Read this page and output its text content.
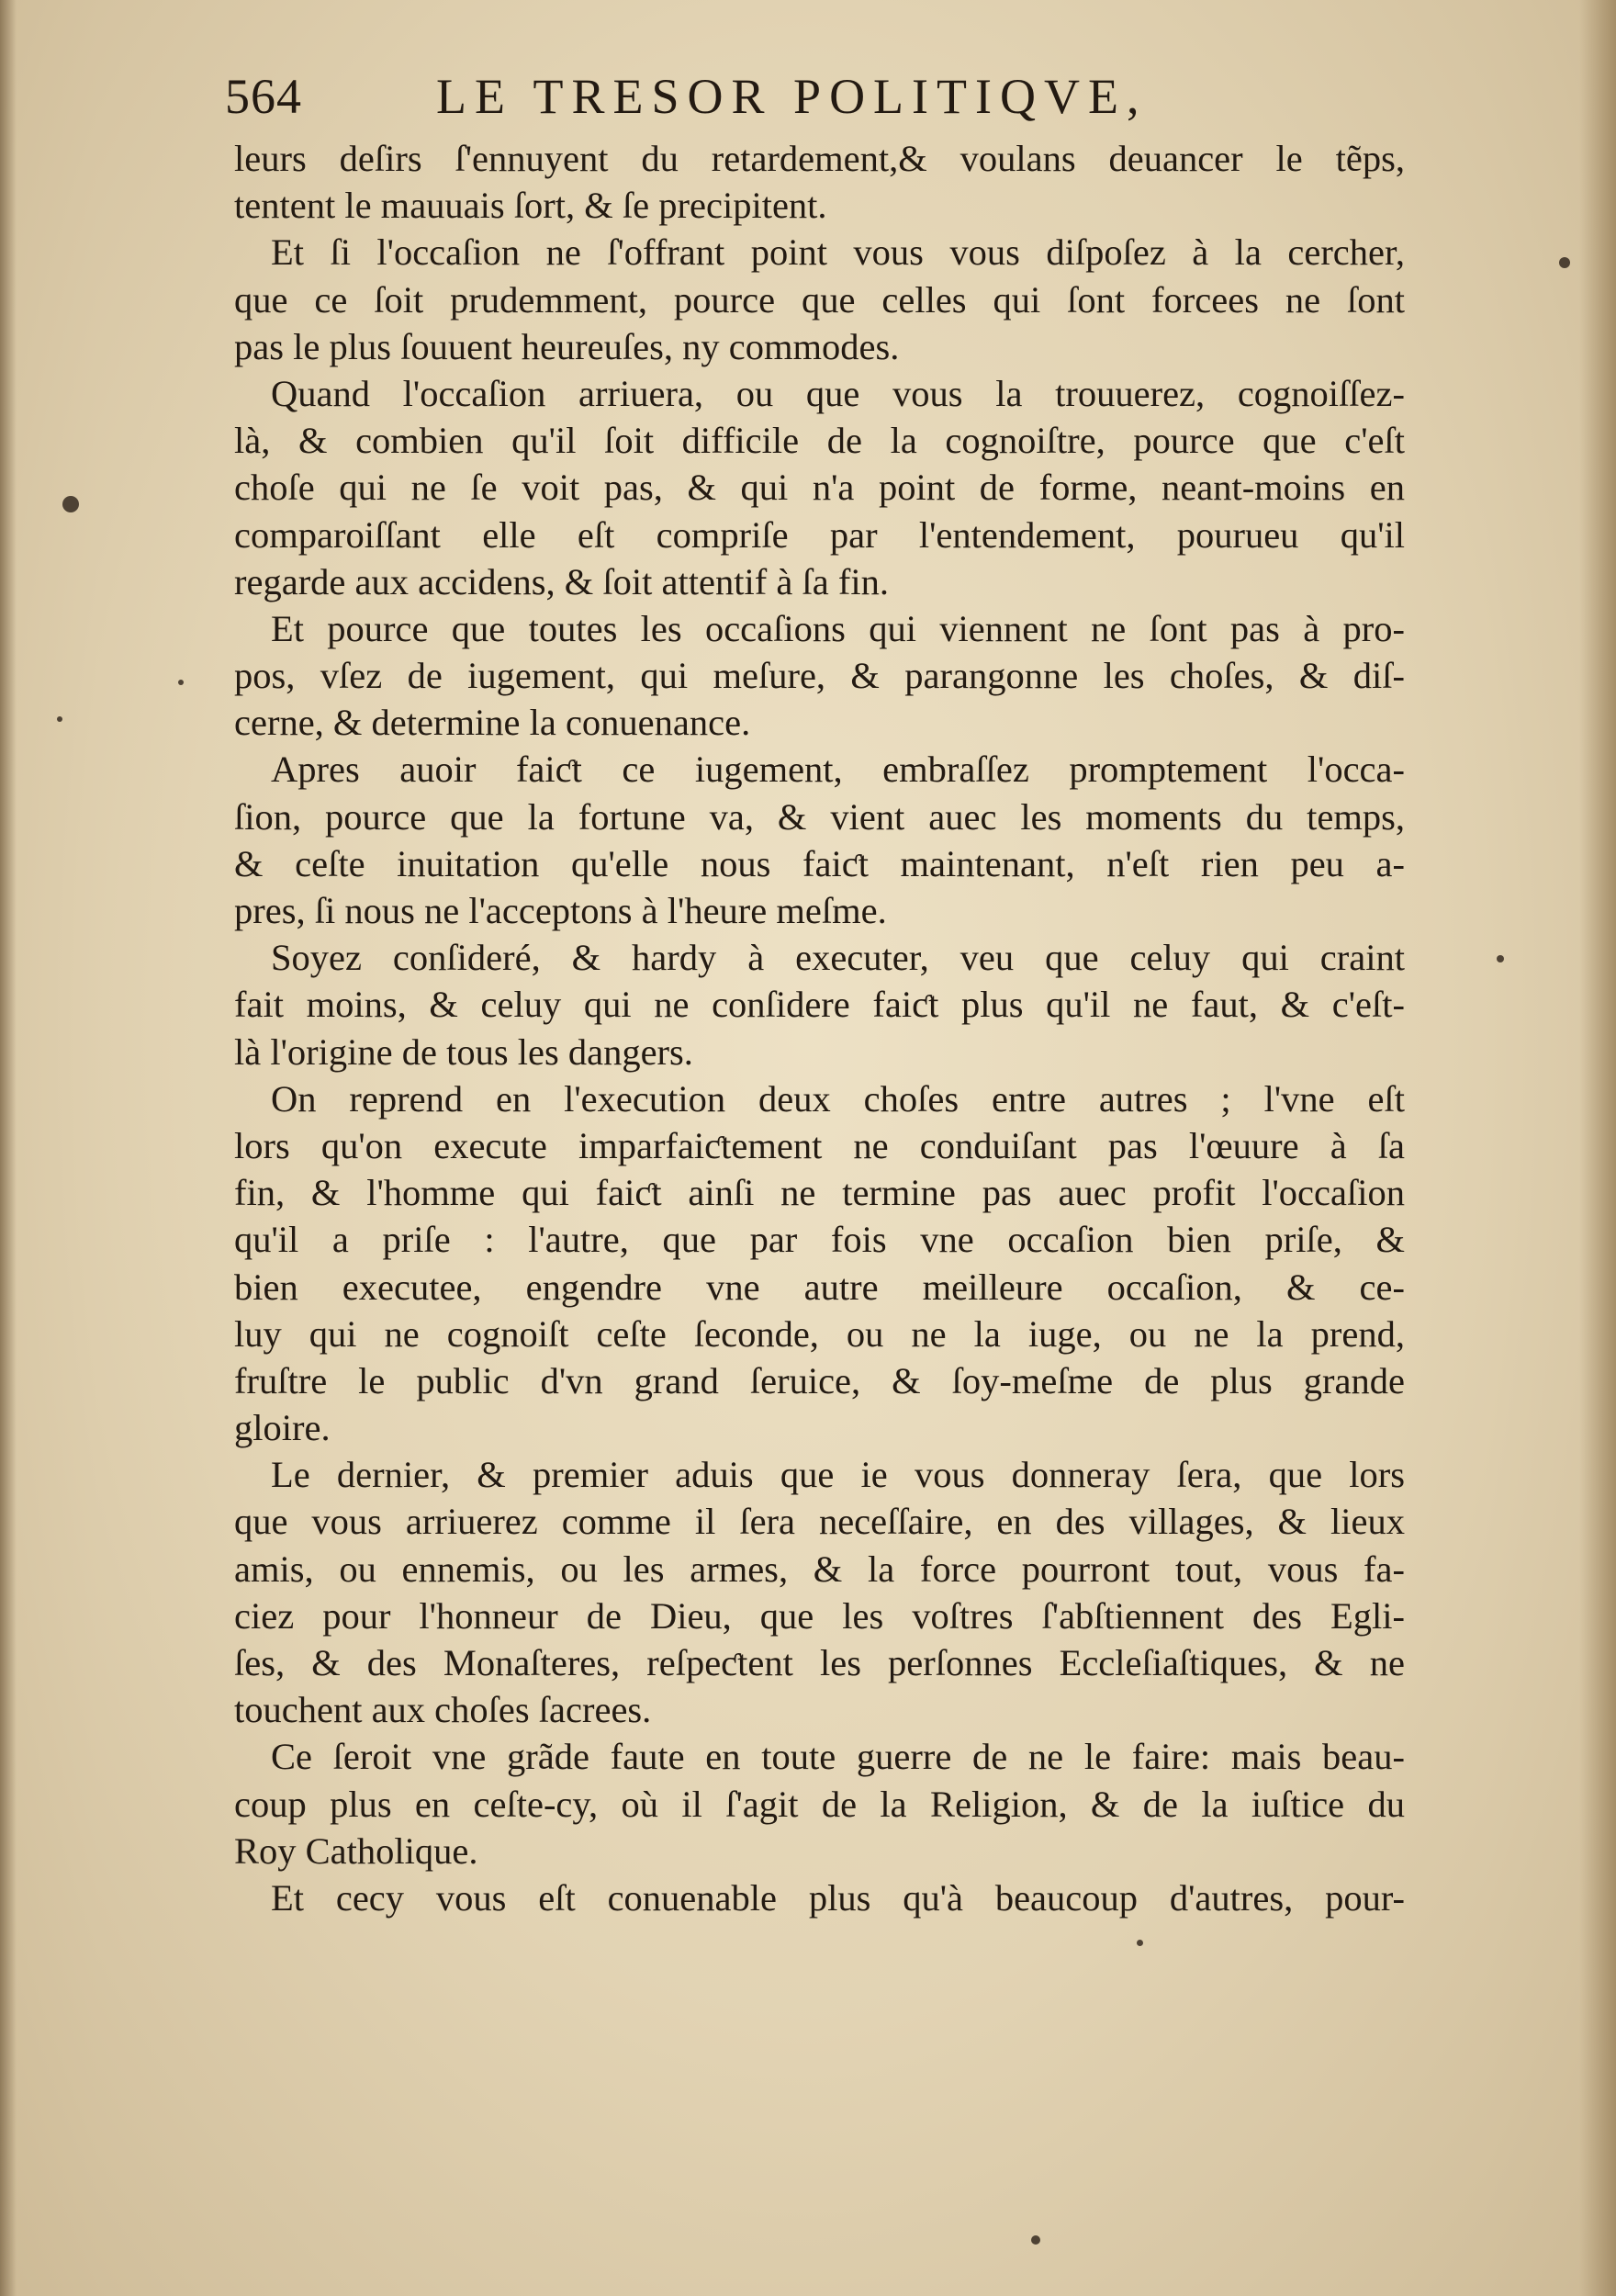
564	LE TRESOR POLITIQVE,
leurs deſirs ſ'ennuyent du retardement,& voulans deuancer le tẽps,
tentent le mauuais ſort, & ſe precipitent.
Et ſi l'occaſion ne ſ'offrant point vous vous diſpoſez à la cercher,
que ce ſoit prudemment, pource que celles qui ſont forcees ne ſont
pas le plus ſouuent heureuſes, ny commodes.
Quand l'occaſion arriuera, ou que vous la trouuerez, cognoiſſez-
là, & combien qu'il ſoit difficile de la cognoiſtre, pource que c'eſt
choſe qui ne ſe voit pas, & qui n'a point de forme, neant-moins en
comparoiſſant elle eſt compriſe par l'entendement, pourueu qu'il
regarde aux accidens, & ſoit attentif à ſa fin.
Et pource que toutes les occaſions qui viennent ne ſont pas à pro-
pos, vſez de iugement, qui meſure, & parangonne les choſes, & diſ-
cerne, & determine la conuenance.
Apres auoir faiƈt ce iugement, embraſſez promptement l'occa-
ſion, pource que la fortune va, & vient auec les moments du temps,
& ceſte inuitation qu'elle nous faiƈt maintenant, n'eſt rien peu a-
pres, ſi nous ne l'acceptons à l'heure meſme.
Soyez conſideré, & hardy à executer, veu que celuy qui craint
fait moins, & celuy qui ne conſidere faiƈt plus qu'il ne faut, & c'eſt-
là l'origine de tous les dangers.
On reprend en l'execution deux choſes entre autres ; l'vne eſt
lors qu'on execute imparfaiƈtement ne conduiſant pas l'œuure à ſa
fin, & l'homme qui faiƈt ainſi ne termine pas auec profit l'occaſion
qu'il a priſe : l'autre, que par fois vne occaſion bien priſe, &
bien executee, engendre vne autre meilleure occaſion, & ce-
luy qui ne cognoiſt ceſte ſeconde, ou ne la iuge, ou ne la prend,
fruſtre le public d'vn grand ſeruice, & ſoy-meſme de plus grande
gloire.
Le dernier, & premier aduis que ie vous donneray ſera, que lors
que vous arriuerez comme il ſera neceſſaire, en des villages, & lieux
amis, ou ennemis, ou les armes, & la force pourront tout, vous fa-
ciez pour l'honneur de Dieu, que les voſtres ſ'abſtiennent des Egli-
ſes, & des Monaſteres, reſpeƈtent les perſonnes Eccleſiaſtiques, & ne
touchent aux choſes ſacrees.
Ce ſeroit vne grãde faute en toute guerre de ne le faire: mais beau-
coup plus en ceſte-cy, où il ſ'agit de la Religion, & de la iuſtice du
Roy Catholique.
Et cecy vous eſt conuenable plus qu'à beaucoup d'autres, pour-
